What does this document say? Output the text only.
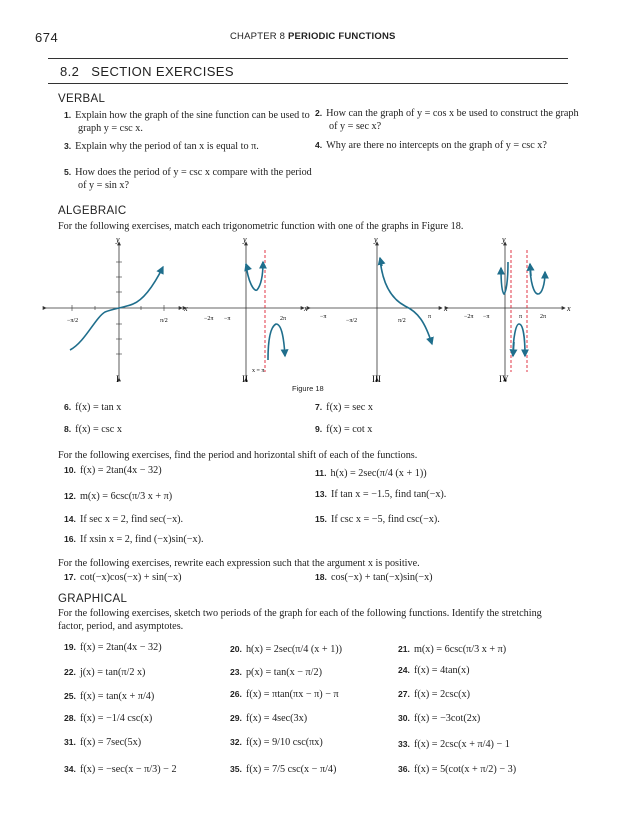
674	CHAPTER 8 PERIODIC FUNCTIONS
8.2   SECTION EXERCISES
VERBAL
1. Explain how the graph of the sine function can be used to graph y = csc x.
2. How can the graph of y = cos x be used to construct the graph of y = sec x?
3. Explain why the period of tan x is equal to π.	4. Why are there no intercepts on the graph of y = csc x?
5. How does the period of y = csc x compare with the period of y = sin x?
ALGEBRAIC
For the following exercises, match each trigonometric function with one of the graphs in Figure 18.
x
y
−π/2	π/2
I
x
y
−2π −π	2π
x = π
II
x
y
−π
−π/2	π/2
π
III
x
y
−2π −π	π	2π
IV
Figure 18
6. f(x) = tan x	7. f(x) = sec x
8. f(x) = csc x	9. f(x) = cot x
For the following exercises, find the period and horizontal shift of each of the functions.
10. f(x) = 2tan(4x − 32)	11. h(x) = 2sec(π/4 (x + 1))
12. m(x) = 6csc(π/3 x + π)	13. If tan x = −1.5, find tan(−x).
14. If sec x = 2, find sec(−x).	15. If csc x = −5, find csc(−x).
16. If xsin x = 2, find (−x)sin(−x).
For the following exercises, rewrite each expression such that the argument x is positive.
17. cot(−x)cos(−x) + sin(−x)	18. cos(−x) + tan(−x)sin(−x)
GRAPHICAL
For the following exercises, sketch two periods of the graph for each of the following functions. Identify the stretching factor, period, and asymptotes.
19. f(x) = 2tan(4x − 32)	20. h(x) = 2sec(π/4 (x + 1))	21. m(x) = 6csc(π/3 x + π)
22. j(x) = tan(π/2 x)	23. p(x) = tan(x − π/2)	24. f(x) = 4tan(x)
25. f(x) = tan(x + π/4)	26. f(x) = πtan(πx − π) − π	27. f(x) = 2csc(x)
28. f(x) = −1/4 csc(x)	29. f(x) = 4sec(3x)	30. f(x) = −3cot(2x)
31. f(x) = 7sec(5x)	32. f(x) = 9/10 csc(πx)	33. f(x) = 2csc(x + π/4) − 1
34. f(x) = −sec(x − π/3) − 2	35. f(x) = 7/5 csc(x − π/4)	36. f(x) = 5(cot(x + π/2) − 3)
